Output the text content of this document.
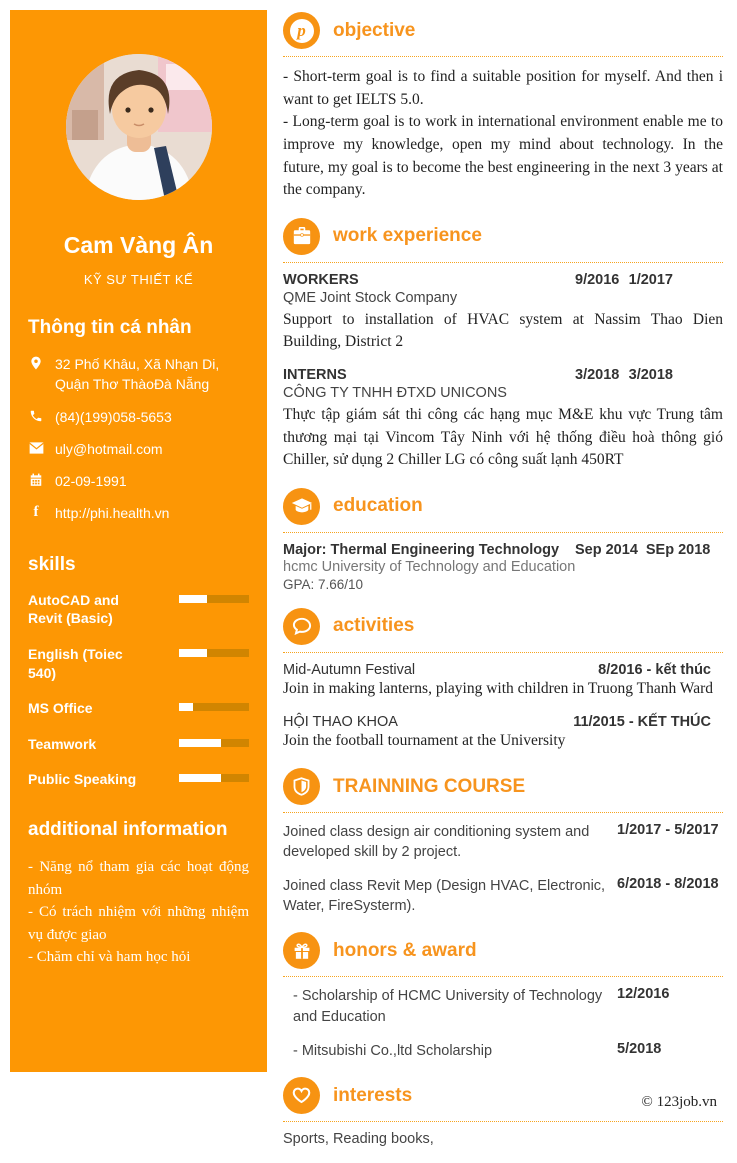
Cam Vàng Ân
KỸ SƯ THIẾT KẾ
Thông tin cá nhân
32 Phố Khâu, Xã Nhạn Di, Quận Thơ ThàoĐà Nẵng
(84)(199)058-5653
uly@hotmail.com
02-09-1991
f http://phi.health.vn
skills
AutoCAD and Revit (Basic)
English (Toiec 540)
MS Office
Teamwork
Public Speaking
additional information
- Năng nổ tham gia các hoạt động nhóm
- Có trách nhiệm với những nhiệm vụ được giao
- Chăm chỉ và ham học hỏi
p objective
- Short-term goal is to find a suitable position for myself. And then i want to get IELTS 5.0.
- Long-term goal is to work in international environment enable me to improve my knowledge, open my mind about technology. In the future, my goal is to become the best engineering in the next 3 years at the company.
work experience
WORKERS	9/2016 1/2017
QME Joint Stock Company
Support to installation of HVAC system at Nassim Thao Dien Building, District 2
INTERNS	3/2018 3/2018
CÔNG TY TNHH ĐTXD UNICONS
Thực tập giám sát thi công các hạng mục M&E khu vực Trung tâm thương mại tại Vincom Tây Ninh với hệ thống điều hoà thông gió Chiller, sử dụng 2 Chiller LG có công suất lạnh 450RT
education
Major: Thermal Engineering Technology Sep 2014 SEp 2018
hcmc University of Technology and Education
GPA: 7.66/10
activities
Mid-Autumn Festival	8/2016 - kết thúc
Join in making lanterns, playing with children in Truong Thanh Ward
HỘI THAO KHOA	11/2015 - KẾT THÚC
Join the football tournament at the University
TRAINNING COURSE
Joined class design air conditioning system and developed skill by 2 project.
1/2017 - 5/2017
Joined class Revit Mep (Design HVAC, Electronic, Water, FireSysterm).
6/2018 - 8/2018
honors & award
- Scholarship of HCMC University of Technology and Education
12/2016
- Mitsubishi Co.,ltd Scholarship	5/2018
interests
Sports, Reading books,
© 123job.vn
